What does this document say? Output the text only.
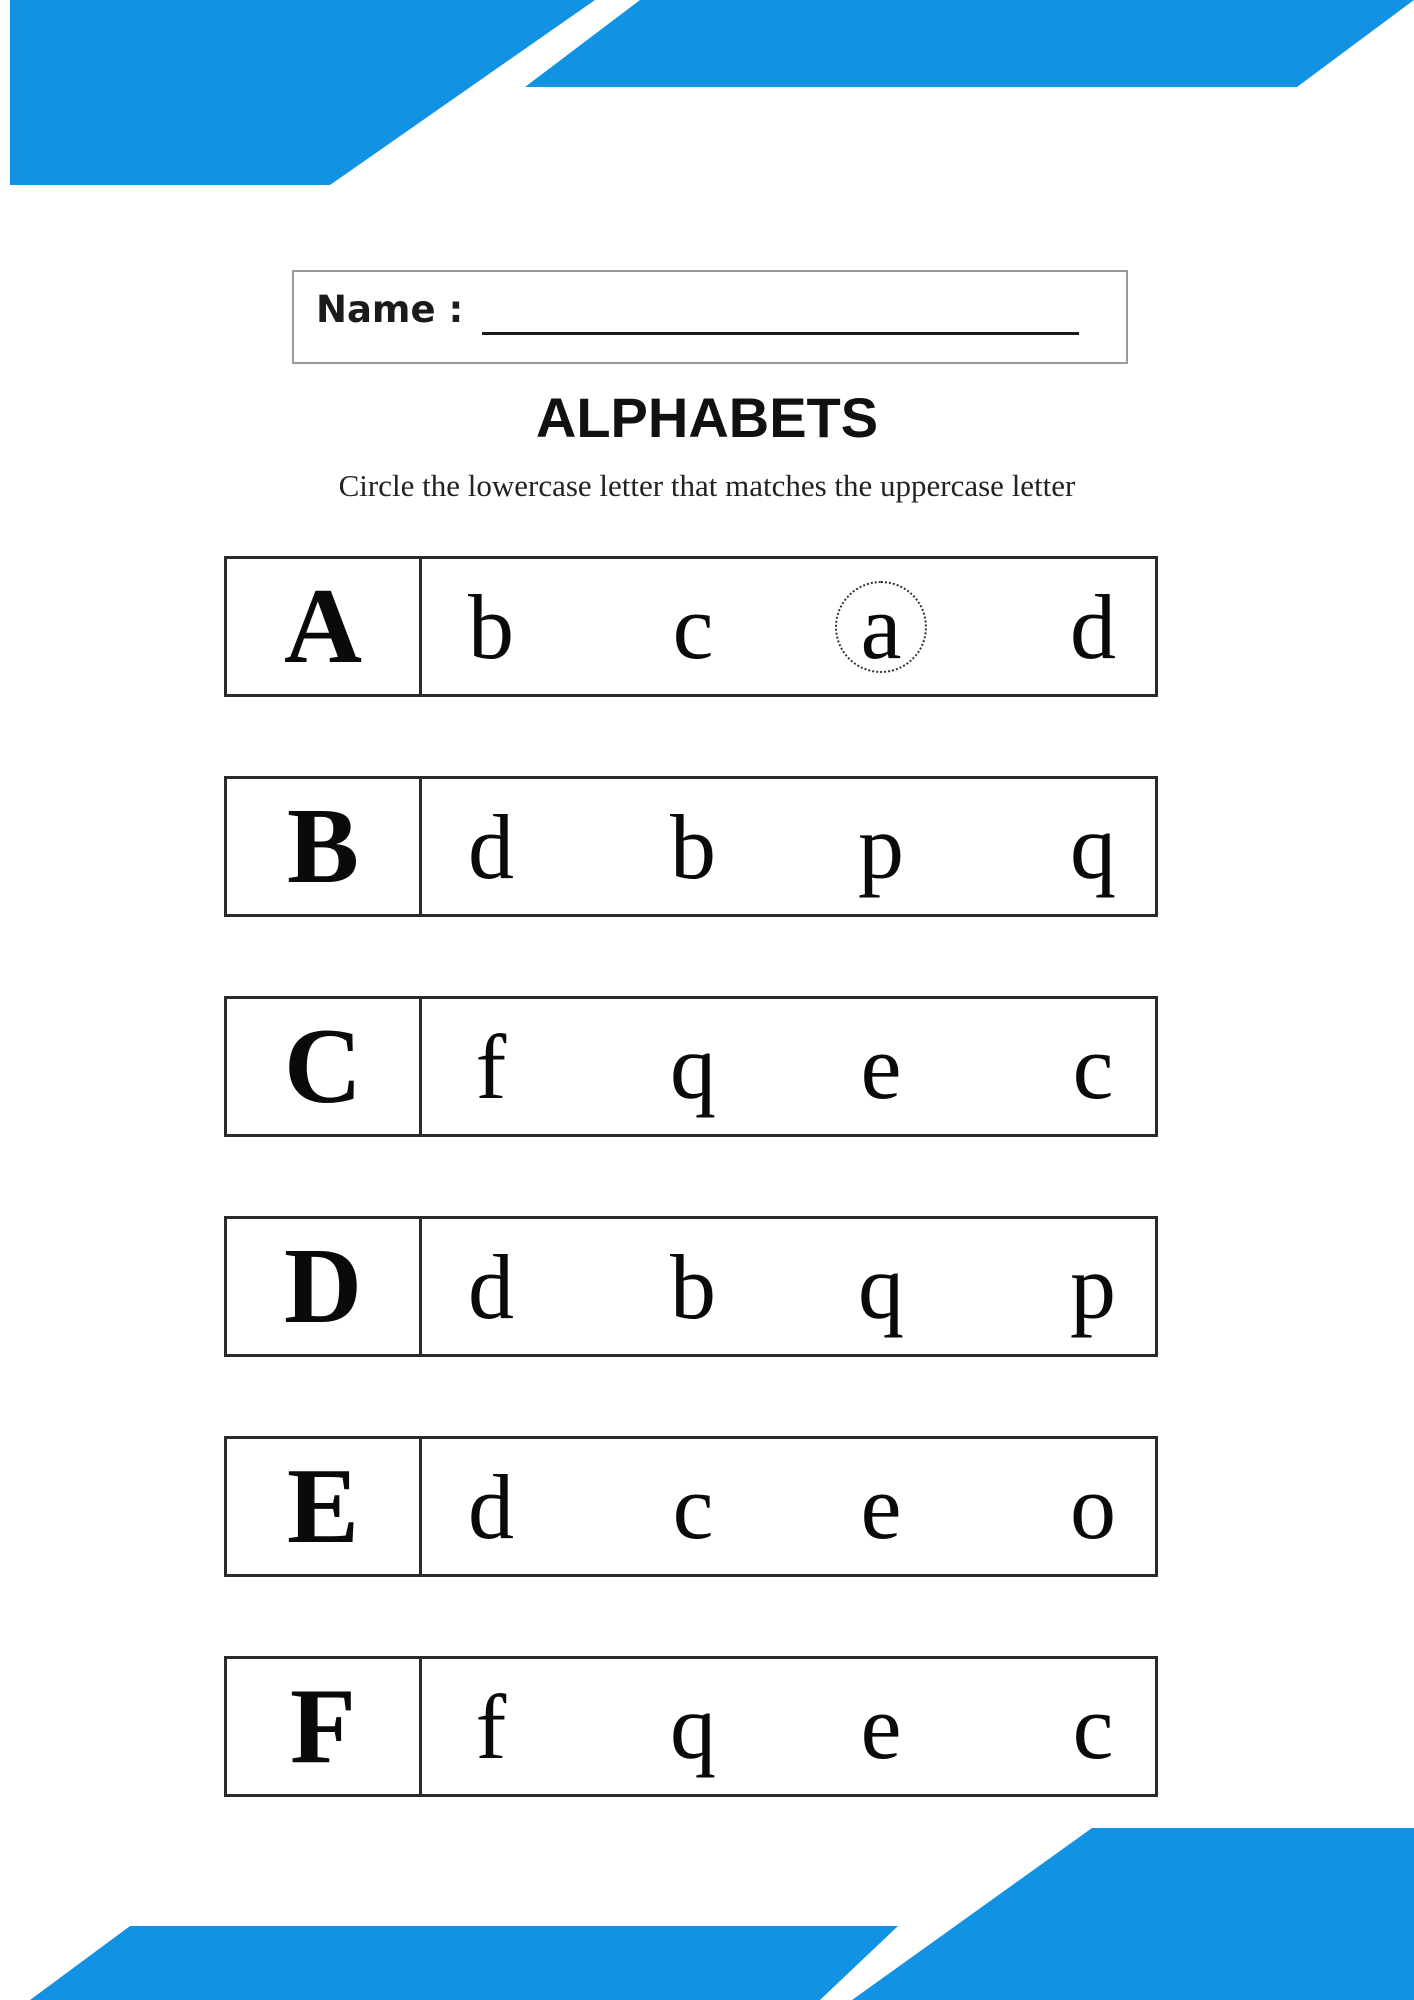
Name :
ALPHABETS
Circle the lowercase letter that matches the uppercase letter
A	b	c	a	d
B	d	b	p	q
C	f	q	e	c
D	d	b	q	p
E	d	c	e	o
F	f	q	e	c
